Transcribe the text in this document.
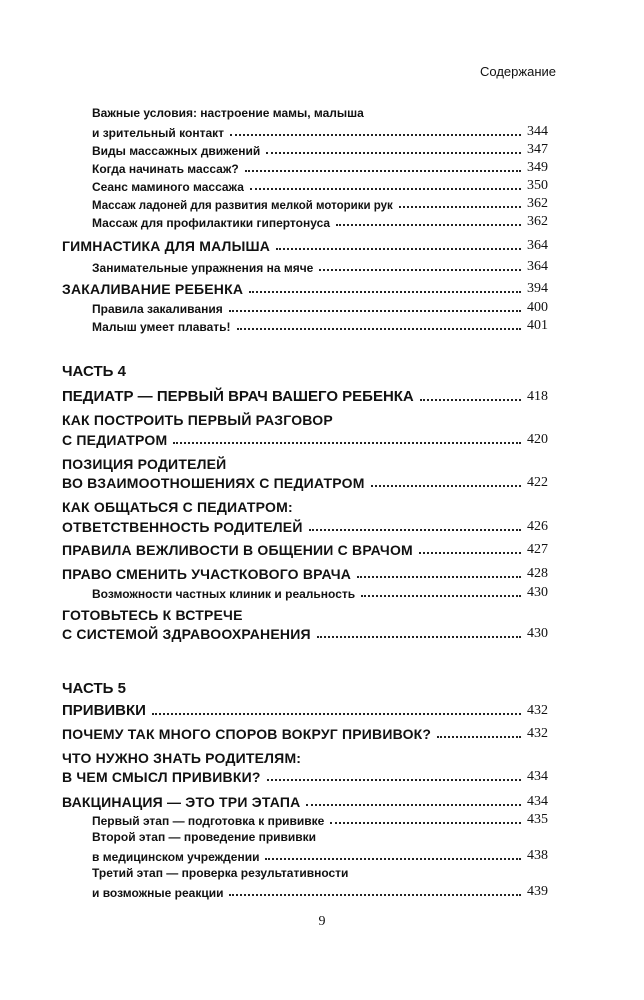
Содержание
Важные условия: настроение мамы, малыша
и зрительный контакт	344
Виды массажных движений	347
Когда начинать массаж?	349
Сеанс маминого массажа	350
Массаж ладоней для развития мелкой моторики рук	362
Массаж для профилактики гипертонуса	362
ГИМНАСТИКА ДЛЯ МАЛЫША	364
Занимательные упражнения на мяче	364
ЗАКАЛИВАНИЕ РЕБЕНКА	394
Правила закаливания	400
Малыш умеет плавать!	401
ЧАСТЬ 4
ПЕДИАТР — ПЕРВЫЙ ВРАЧ ВАШЕГО РЕБЕНКА	418
КАК ПОСТРОИТЬ ПЕРВЫЙ РАЗГОВОР
С ПЕДИАТРОМ	420
ПОЗИЦИЯ РОДИТЕЛЕЙ
ВО ВЗАИМООТНОШЕНИЯХ С ПЕДИАТРОМ	422
КАК ОБЩАТЬСЯ С ПЕДИАТРОМ:
ОТВЕТСТВЕННОСТЬ РОДИТЕЛЕЙ	426
ПРАВИЛА ВЕЖЛИВОСТИ В ОБЩЕНИИ С ВРАЧОМ	427
ПРАВО СМЕНИТЬ УЧАСТКОВОГО ВРАЧА	428
Возможности частных клиник и реальность	430
ГОТОВЬТЕСЬ К ВСТРЕЧЕ
С СИСТЕМОЙ ЗДРАВООХРАНЕНИЯ	430
ЧАСТЬ 5
ПРИВИВКИ	432
ПОЧЕМУ ТАК МНОГО СПОРОВ ВОКРУГ ПРИВИВОК?	432
ЧТО НУЖНО ЗНАТЬ РОДИТЕЛЯМ:
В ЧЕМ СМЫСЛ ПРИВИВКИ?	434
ВАКЦИНАЦИЯ — ЭТО ТРИ ЭТАПА	434
Первый этап — подготовка к прививке	435
Второй этап — проведение прививки
в медицинском учреждении	438
Третий этап — проверка результативности
и возможные реакции	439
9
